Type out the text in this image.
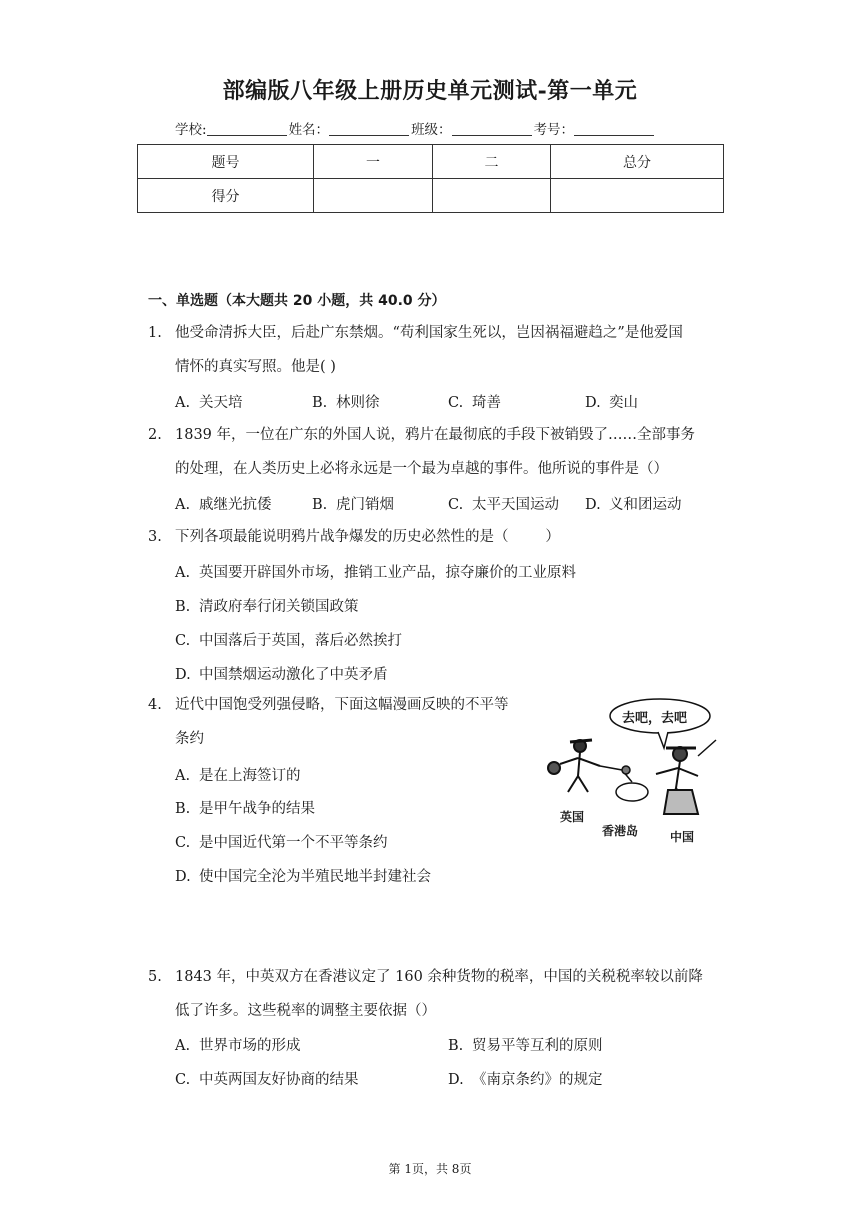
部编版八年级上册历史单元测试-第一单元
学校:	姓名：	班级：	考号：
题号	一	二	总分
得分			
一、单选题（本大题共 20 小题，共 40.0 分）
1. 他受命清拆大臣，后赴广东禁烟。“苟利国家生死以，岂因祸福避趋之”是他爱国
情怀的真实写照。他是( )
A. 关天培	B. 林则徐	C. 琦善	D. 奕山
2. 1839 年，一位在广东的外国人说，鸦片在最彻底的手段下被销毁了……全部事务
的处理，在人类历史上必将永远是一个最为卓越的事件。他所说的事件是（）
A. 戚继光抗倭	B. 虎门销烟	C. 太平天国运动 D. 义和团运动
3. 下列各项最能说明鸦片战争爆发的历史必然性的是（        ）
A. 英国要开辟国外市场，推销工业产品，掠夺廉价的工业原料
B. 清政府奉行闭关锁国政策
C. 中国落后于英国，落后必然挨打
D. 中国禁烟运动激化了中英矛盾
4. 近代中国饱受列强侵略，下面这幅漫画反映的不平等
条约
A. 是在上海签订的
B. 是甲午战争的结果
C. 是中国近代第一个不平等条约
D. 使中国完全沦为半殖民地半封建社会
去吧，去吧
英国
香港岛	中国
5. 1843 年，中英双方在香港议定了 160 余种货物的税率，中国的关税税率较以前降
低了许多。这些税率的调整主要依据（）
A. 世界市场的形成	B. 贸易平等互利的原则
C. 中英两国友好协商的结果	D. 《南京条约》的规定
第 1页，共 8页
